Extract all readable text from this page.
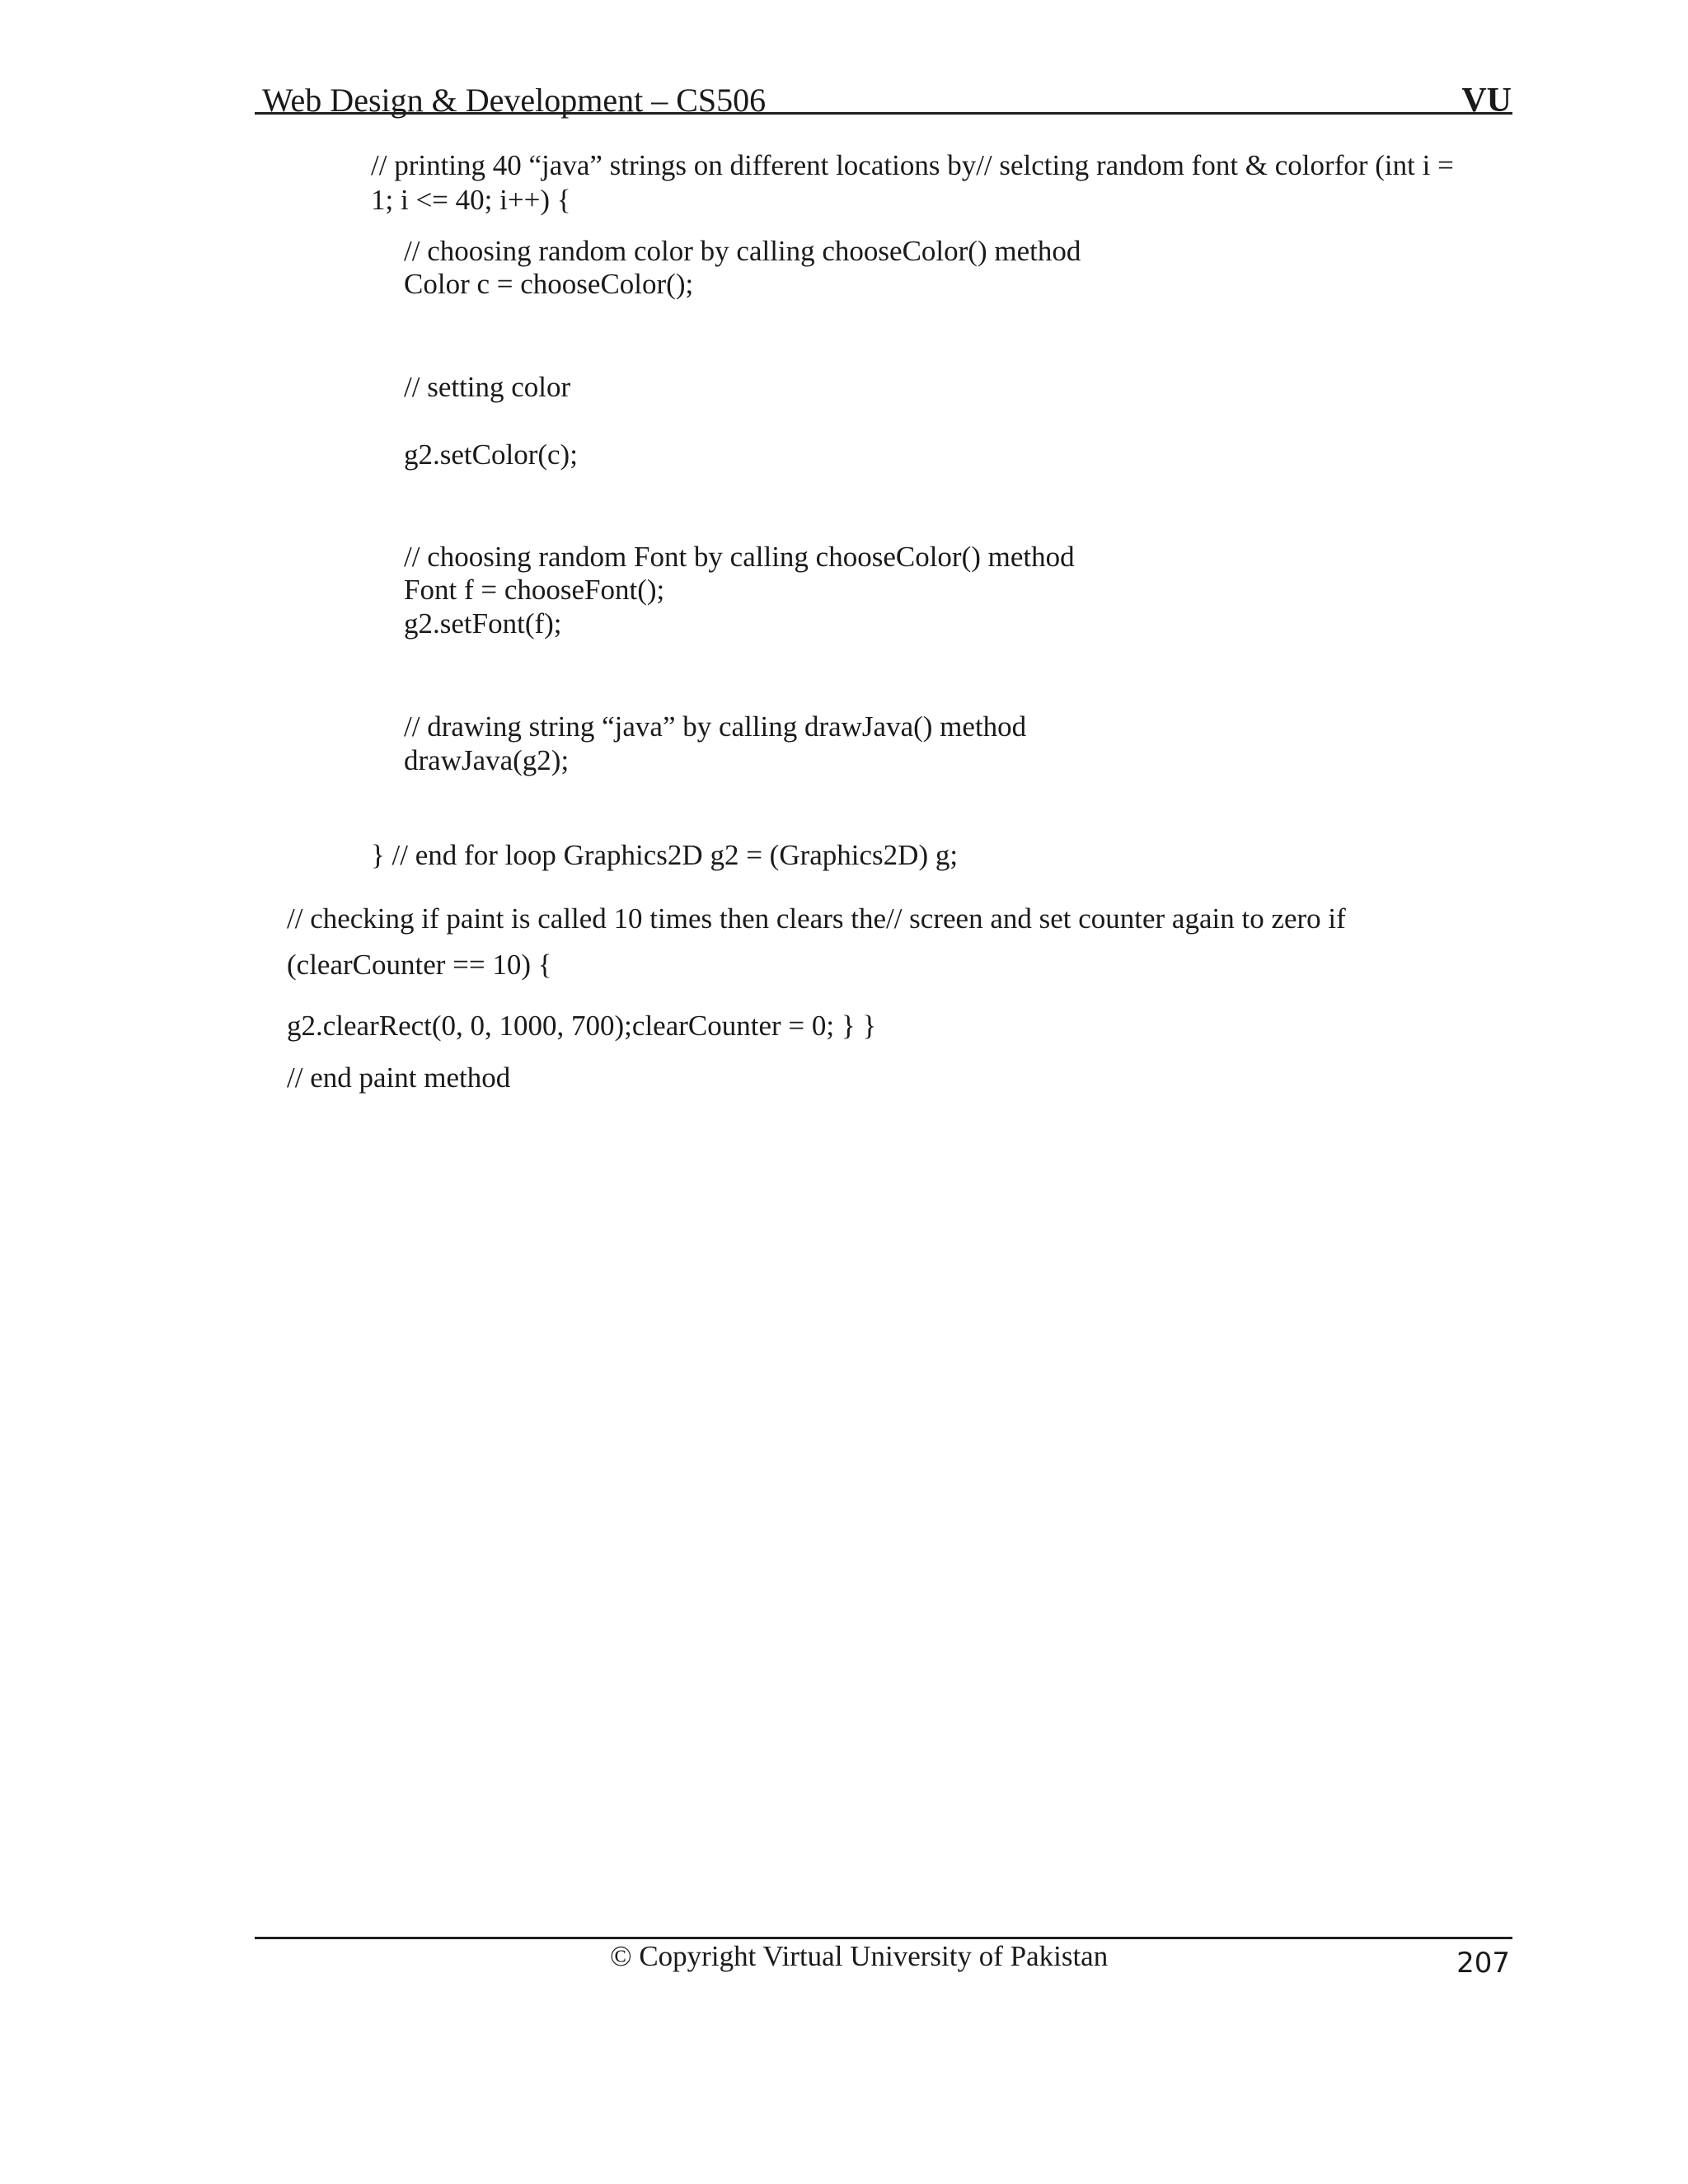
Web Design & Development – CS506	VU
// printing 40 “java” strings on different locations by// selcting random font & colorfor (int i =
1; i <= 40; i++) {
// choosing random color by calling chooseColor() method
Color c = chooseColor();
// setting color
g2.setColor(c);
// choosing random Font by calling chooseColor() method
Font f = chooseFont();
g2.setFont(f);
// drawing string “java” by calling drawJava() method
drawJava(g2);
} // end for loop Graphics2D g2 = (Graphics2D) g;
// checking if paint is called 10 times then clears the// screen and set counter again to zero if
(clearCounter == 10) {
g2.clearRect(0, 0, 1000, 700);clearCounter = 0; } }
// end paint method
© Copyright Virtual University of Pakistan	207
